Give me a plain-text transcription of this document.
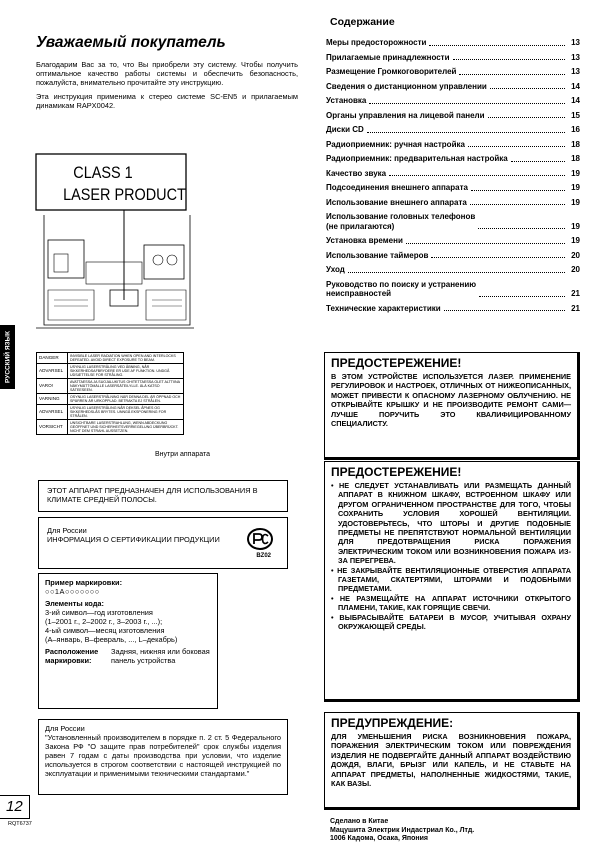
Уважаемый покупатель

Благодарим Вас за то, что Вы приобрели эту систему. Чтобы получить оптимальное качество работы системы и обеспечить безопасность, пожалуйста, внимательно прочитайте эту инструкцию.

Эта инструкция применима к стерео системе SC-EN5 и прилагаемым динамикам RAPX0042.

CLASS 1
LASER PRODUCT
РУССКИЙ ЯЗЫК	DANGER	INVISIBLE LASER RADIATION WHEN OPEN AND INTERLOCKS DEFEATED. AVOID DIRECT EXPOSURE TO BEAM.
ADVARSEL	USYNLIG LASERSTRÅLING VED ÅBNING, NÅR SIKKERHEDSAFBRYDERE ER UDE AF FUNKTION. UNDGÅ UDSÆTTELSE FOR STRÅLING.
VARO!	AVATTAESSA JA SUOJALUKITUS OHITETTAESSA OLET ALTTIINA NÄKYMÄTTÖMÄLLE LASERSÄTEILYLLE. ÄLÄ KATSO SÄTEESEEN.
VARNING	OSYNLIG LASERSTRÅLNING NÄR DENNA DEL ÄR ÖPPNAD OCH SPÄRREN ÄR URKOPPLAD. BETRAKTA EJ STRÅLEN.
ADVARSEL	USYNLIG LASERSTRÅLING NÅR DEKSEL ÅPNES OG SIKKERHEDSLÅS BRYTES. UNNGÅ EKSPONERING FOR STRÅLEN.
VORSICHT	UNSICHTBARE LASERSTRAHLUNG, WENN ABDECKUNG GEÖFFNET UND SICHERHEITSVERRIEGELUNG ÜBERBRÜCKT. NICHT DEM STRAHL AUSSETZEN.
Внутри аппарата
ЭТОТ АППАРАТ ПРЕДНАЗНАЧЕН ДЛЯ ИСПОЛЬЗОВАНИЯ В КЛИМАТЕ СРЕДНЕЙ ПОЛОСЫ.
Для России
ИНФОРМАЦИЯ О СЕРТИФИКАЦИИ ПРОДУКЦИИ
BZ02
Пример маркировки:
○○1А○○○○○○○
Элементы кода:
3-ий символ—год изготовления
(1–2001 г., 2–2002 г., 3–2003 г., ...);
4-ый символ—месяц изготовления
(А–январь, В–февраль, ..., L–декабрь)
Расположение маркировки:
Задняя, нижняя или боковая панель устройства
Для России
"Установленный производителем в порядке п. 2 ст. 5 Федерального Закона РФ "О защите прав потребителей" срок службы изделия равен 7 годам с даты производства при условии, что изделие используется в строгом соответствии с настоящей инструкцией по эксплуатации и применимыми техническими стандартами."
12
RQT6737
Содержание
Меры предосторожности	13
Прилагаемые принадлежности	13
Размещение Громкоговорителей	13
Сведения о дистанционном управлении	14
Установка	14
Органы управления на лицевой панели	15
Диски CD	16
Радиоприемник: ручная настройка	18
Радиоприемник: предварительная настройка	18
Качество звука	19
Подсоединения внешнего аппарата	19
Использование внешнего аппарата	19
Использование головных телефонов
(не прилагаются)	19
Установка времени	19
Использование таймеров	20
Уход	20
Руководство по поиску и устранению
неисправностей	21
Технические характеристики	21
ПРЕДОСТЕРЕЖЕНИЕ!

В ЭТОМ УСТРОЙСТВЕ ИСПОЛЬЗУЕТСЯ ЛАЗЕР. ПРИМЕНЕНИЕ РЕГУЛИРОВОК И НАСТРОЕК, ОТЛИЧНЫХ ОТ НИЖЕОПИСАННЫХ, МОЖЕТ ПРИВЕСТИ К ОПАСНОМУ ЛАЗЕРНОМУ ОБЛУЧЕНИЮ. НЕ ОТКРЫВАЙТЕ КРЫШКУ И НЕ ПРОИЗВОДИТЕ РЕМОНТ САМИ—ЛУЧШЕ ПОРУЧИТЬ ЭТО КВАЛИФИЦИРОВАННОМУ СПЕЦИАЛИСТУ.

ПРЕДОСТЕРЕЖЕНИЕ!
• НЕ СЛЕДУЕТ УСТАНАВЛИВАТЬ ИЛИ РАЗМЕЩАТЬ ДАННЫЙ АППАРАТ В КНИЖНОМ ШКАФУ, ВСТРОЕННОМ ШКАФУ ИЛИ ДРУГОМ ОГРАНИЧЕННОМ ПРОСТРАНСТВЕ ДЛЯ ТОГО, ЧТОБЫ СОХРАНИТЬ УСЛОВИЯ ХОРОШЕЙ ВЕНТИЛЯЦИИ. УДОСТОВЕРЬТЕСЬ, ЧТО ШТОРЫ И ДРУГИЕ ПОДОБНЫЕ ПРЕДМЕТЫ НЕ ПРЕПЯТСТВУЮТ НОРМАЛЬНОЙ ВЕНТИЛЯЦИИ ДЛЯ ПРЕДОТВРАЩЕНИЯ РИСКА ПОРАЖЕНИЯ ЭЛЕКТРИЧЕСКИМ ТОКОМ ИЛИ ВОЗНИКНОВЕНИЯ ПОЖАРА ИЗ-ЗА ПЕРЕГРЕВА.
• НЕ ЗАКРЫВАЙТЕ ВЕНТИЛЯЦИОННЫЕ ОТВЕРСТИЯ АППАРАТА ГАЗЕТАМИ, СКАТЕРТЯМИ, ШТОРАМИ И ПОДОБНЫМИ ПРЕДМЕТАМИ.
• НЕ РАЗМЕЩАЙТЕ НА АППАРАТ ИСТОЧНИКИ ОТКРЫТОГО ПЛАМЕНИ, ТАКИЕ, КАК ГОРЯЩИЕ СВЕЧИ.
• ВЫБРАСЫВАЙТЕ БАТАРЕИ В МУСОР, УЧИТЫВАЯ ОХРАНУ ОКРУЖАЮЩЕЙ СРЕДЫ.
ПРЕДУПРЕЖДЕНИЕ:

ДЛЯ УМЕНЬШЕНИЯ РИСКА ВОЗНИКНОВЕНИЯ ПОЖАРА, ПОРАЖЕНИЯ ЭЛЕКТРИЧЕСКИМ ТОКОМ ИЛИ ПОВРЕЖДЕНИЯ ИЗДЕЛИЯ НЕ ПОДВЕРГАЙТЕ ДАННЫЙ АППАРАТ ВОЗДЕЙСТВИЮ ДОЖДЯ, ВЛАГИ, БРЫЗГ ИЛИ КАПЕЛЬ, И НЕ СТАВЬТЕ НА АППАРАТ ПРЕДМЕТЫ, НАПОЛНЕННЫЕ ЖИДКОСТЯМИ, ТАКИЕ, КАК ВАЗЫ.

Сделано в Китае
Мацушита Электрик Индастриал Ко., Лтд.
1006 Кадома, Осака, Япония
